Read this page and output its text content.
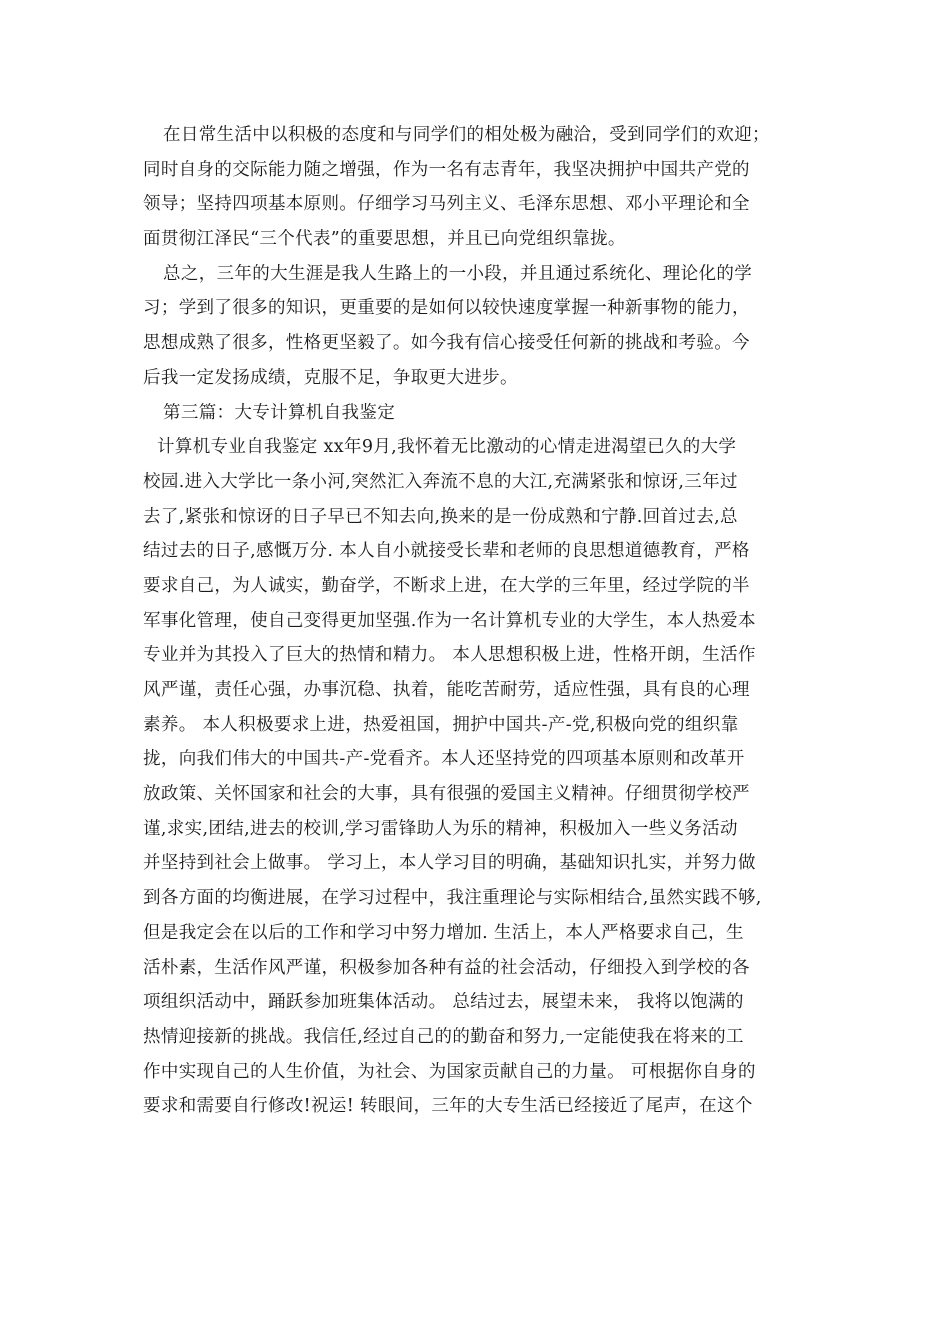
在日常生活中以积极的态度和与同学们的相处极为融洽，受到同学们的欢迎；
同时自身的交际能力随之增强，作为一名有志青年，我坚决拥护中国共产党的
领导；坚持四项基本原则。仔细学习马列主义、毛泽东思想、邓小平理论和全
面贯彻江泽民“三个代表”的重要思想，并且已向党组织靠拢。
总之，三年的大生涯是我人生路上的一小段，并且通过系统化、理论化的学
习；学到了很多的知识，更重要的是如何以较快速度掌握一种新事物的能力，
思想成熟了很多，性格更坚毅了。如今我有信心接受任何新的挑战和考验。今
后我一定发扬成绩，克服不足，争取更大进步。
第三篇：大专计算机自我鉴定
计算机专业自我鉴定 xx年9月,我怀着无比激动的心情走进渴望已久的大学
校园.进入大学比一条小河,突然汇入奔流不息的大江,充满紧张和惊讶,三年过
去了,紧张和惊讶的日子早已不知去向,换来的是一份成熟和宁静.回首过去,总
结过去的日子,感慨万分. 本人自小就接受长辈和老师的良思想道德教育，严格
要求自己，为人诚实，勤奋学，不断求上进，在大学的三年里，经过学院的半
军事化管理，使自己变得更加坚强.作为一名计算机专业的大学生，本人热爱本
专业并为其投入了巨大的热情和精力。 本人思想积极上进，性格开朗，生活作
风严谨，责任心强，办事沉稳、执着，能吃苦耐劳，适应性强，具有良的心理
素养。 本人积极要求上进，热爱祖国，拥护中国共-产-党,积极向党的组织靠
拢，向我们伟大的中国共-产-党看齐。本人还坚持党的四项基本原则和改革开
放政策、关怀国家和社会的大事，具有很强的爱国主义精神。仔细贯彻学校严
谨,求实,团结,进去的校训,学习雷锋助人为乐的精神，积极加入一些义务活动
并坚持到社会上做事。 学习上，本人学习目的明确，基础知识扎实，并努力做
到各方面的均衡进展，在学习过程中，我注重理论与实际相结合,虽然实践不够,
但是我定会在以后的工作和学习中努力增加. 生活上，本人严格要求自己，生
活朴素，生活作风严谨，积极参加各种有益的社会活动，仔细投入到学校的各
项组织活动中，踊跃参加班集体活动。 总结过去，展望未来， 我将以饱满的
热情迎接新的挑战。我信任,经过自己的的勤奋和努力,一定能使我在将来的工
作中实现自己的人生价值，为社会、为国家贡献自己的力量。 可根据你自身的
要求和需要自行修改!祝运! 转眼间，三年的大专生活已经接近了尾声，在这个
